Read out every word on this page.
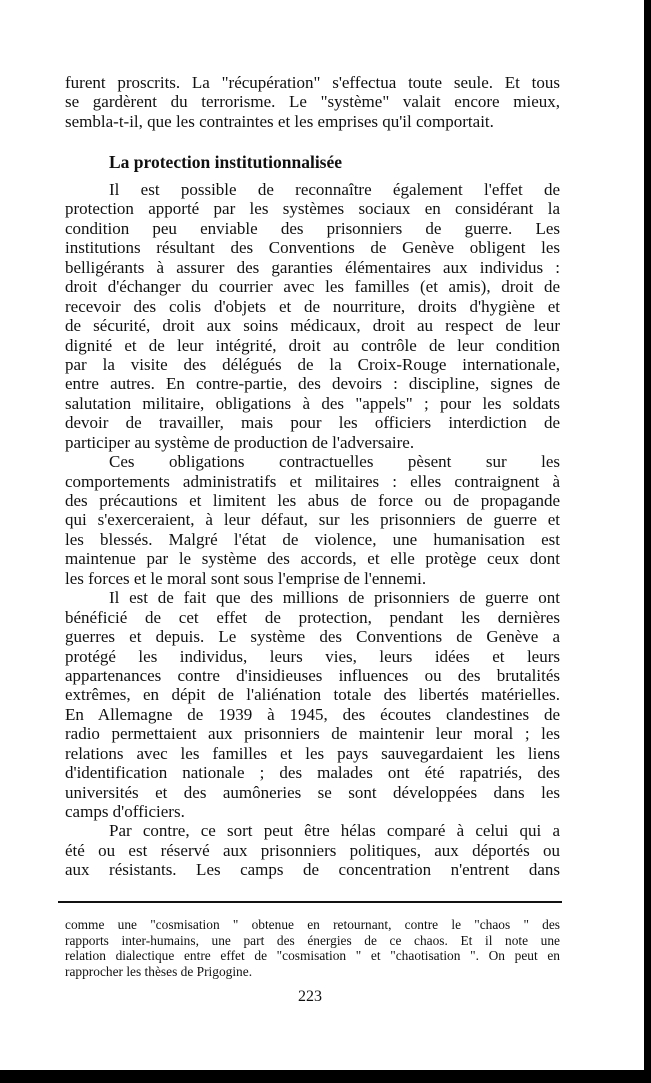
furent proscrits. La "récupération" s'effectua toute seule. Et tous
se gardèrent du terrorisme. Le "système" valait encore mieux,
sembla-t-il, que les contraintes et les emprises qu'il comportait.
La protection institutionnalisée
Il est possible de reconnaître également l'effet de
protection apporté par les systèmes sociaux en considérant la
condition peu enviable des prisonniers de guerre. Les
institutions résultant des Conventions de Genève obligent les
belligérants à assurer des garanties élémentaires aux individus :
droit d'échanger du courrier avec les familles (et amis), droit de
recevoir des colis d'objets et de nourriture, droits d'hygiène et
de sécurité, droit aux soins médicaux, droit au respect de leur
dignité et de leur intégrité, droit au contrôle de leur condition
par la visite des délégués de la Croix-Rouge internationale,
entre autres. En contre-partie, des devoirs : discipline, signes de
salutation militaire, obligations à des "appels" ; pour les soldats
devoir de travailler, mais pour les officiers interdiction de
participer au système de production de l'adversaire.
Ces obligations contractuelles pèsent sur les
comportements administratifs et militaires : elles contraignent à
des précautions et limitent les abus de force ou de propagande
qui s'exerceraient, à leur défaut, sur les prisonniers de guerre et
les blessés. Malgré l'état de violence, une humanisation est
maintenue par le système des accords, et elle protège ceux dont
les forces et le moral sont sous l'emprise de l'ennemi.
Il est de fait que des millions de prisonniers de guerre ont
bénéficié de cet effet de protection, pendant les dernières
guerres et depuis. Le système des Conventions de Genève a
protégé les individus, leurs vies, leurs idées et leurs
appartenances contre d'insidieuses influences ou des brutalités
extrêmes, en dépit de l'aliénation totale des libertés matérielles.
En Allemagne de 1939 à 1945, des écoutes clandestines de
radio permettaient aux prisonniers de maintenir leur moral ; les
relations avec les familles et les pays sauvegardaient les liens
d'identification nationale ; des malades ont été rapatriés, des
universités et des aumôneries se sont développées dans les
camps d'officiers.
Par contre, ce sort peut être hélas comparé à celui qui a
été ou est réservé aux prisonniers politiques, aux déportés ou
aux résistants. Les camps de concentration n'entrent dans
comme une "cosmisation " obtenue en retournant, contre le "chaos " des
rapports inter-humains, une part des énergies de ce chaos. Et il note une
relation dialectique entre effet de "cosmisation " et "chaotisation ". On peut en
rapprocher les thèses de Prigogine.
223
